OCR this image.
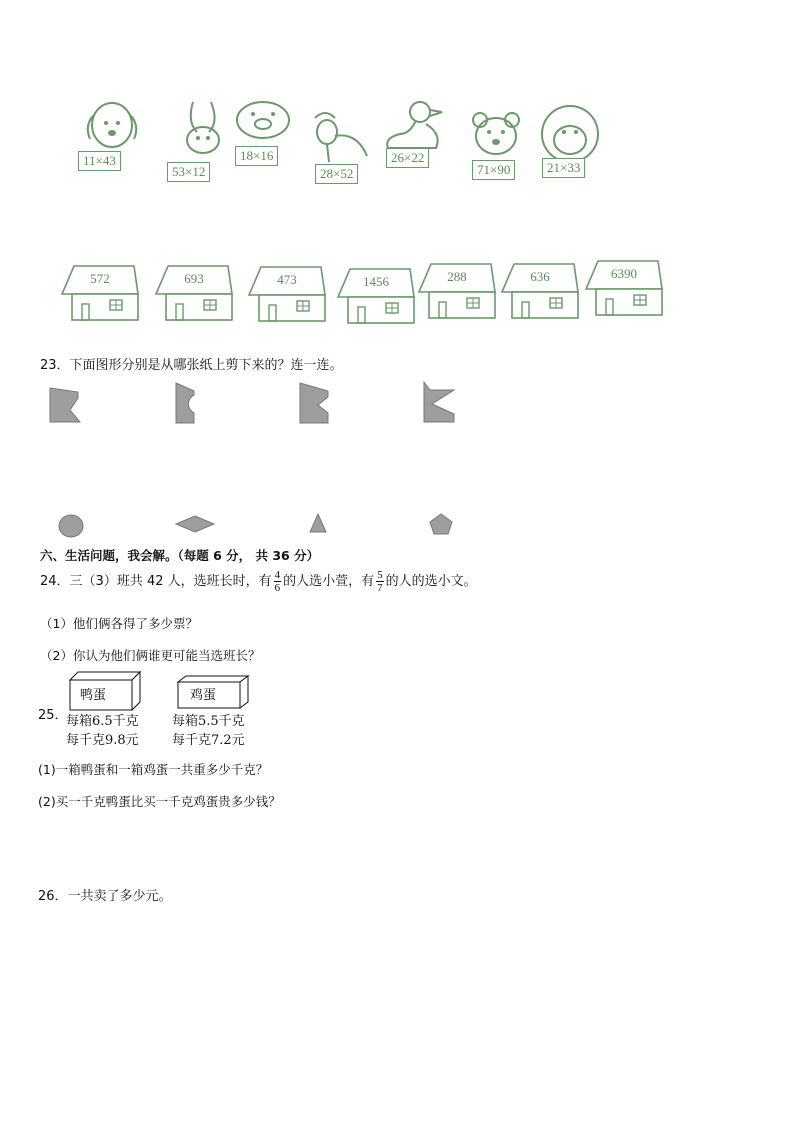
11×43
53×12
18×16
28×52
26×22
71×90	21×33
572	693	473	1456	288	636	6390
23．下面图形分别是从哪张纸上剪下来的？连一连。
六、生活问题，我会解。（每题 6 分， 共 36 分）
24．三（3）班共 42 人，选班长时，有 $\frac{4}{6}$ 的人选小萱，有 $\frac{5}{7}$ 的人的选小文。
（1）他们俩各得了多少票？
（2）你认为他们俩谁更可能当选班长？
25．
鸭蛋
每箱6.5千克
每千克9.8元
鸡蛋
每箱5.5千克
每千克7.2元
(1)一箱鸭蛋和一箱鸡蛋一共重多少千克？
(2)买一千克鸭蛋比买一千克鸡蛋贵多少钱？
26．一共卖了多少元。
